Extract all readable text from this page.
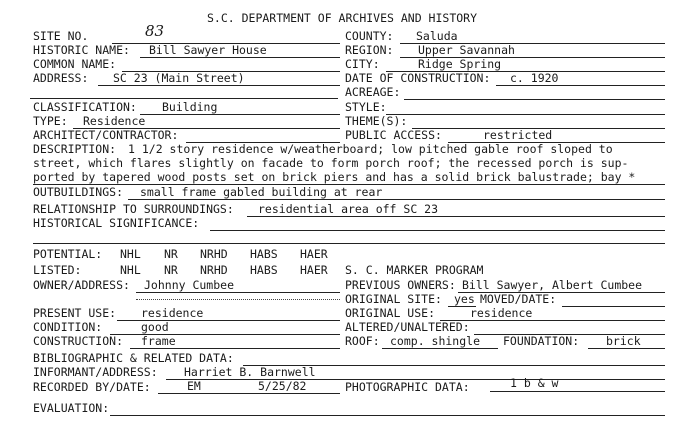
S.C. DEPARTMENT OF ARCHIVES AND HISTORY
SITE NO.	83	COUNTY: Saluda
HISTORIC NAME: Bill Sawyer House	REGION: Upper Savannah
COMMON NAME:	CITY:	Ridge Spring
ADDRESS: SC 23 (Main Street)	DATE OF CONSTRUCTION: c. 1920
ACREAGE:
CLASSIFICATION: Building	STYLE:
TYPE: Residence	THEME(S):
ARCHITECT/CONTRACTOR:	PUBLIC ACCESS:	restricted
DESCRIPTION: 1 1/2 story residence w/weatherboard; low pitched gable roof sloped to
street, which flares slightly on facade to form porch roof; the recessed porch is sup-
ported by tapered wood posts set on brick piers and has a solid brick balustrade; bay *
OUTBUILDINGS: small frame gabled building at rear
RELATIONSHIP TO SURROUNDINGS: residential area off SC 23
HISTORICAL SIGNIFICANCE:
POTENTIAL: NHL NR NRHD HABS HAER
LISTED:	NHL NR NRHD HABS HAER S. C. MARKER PROGRAM
OWNER/ADDRESS: Johnny Cumbee	PREVIOUS OWNERS: Bill Sawyer, Albert Cumbee
ORIGINAL SITE: yes MOVED/DATE:
PRESENT USE: residence	ORIGINAL USE:	residence
CONDITION:	good	ALTERED/UNALTERED:
CONSTRUCTION: frame	ROOF: comp. shingle FOUNDATION: brick
BIBLIOGRAPHIC & RELATED DATA:
INFORMANT/ADDRESS: Harriet B. Barnwell
RECORDED BY/DATE:	EM	5/25/82	PHOTOGRAPHIC DATA:	1 b & w
EVALUATION:
